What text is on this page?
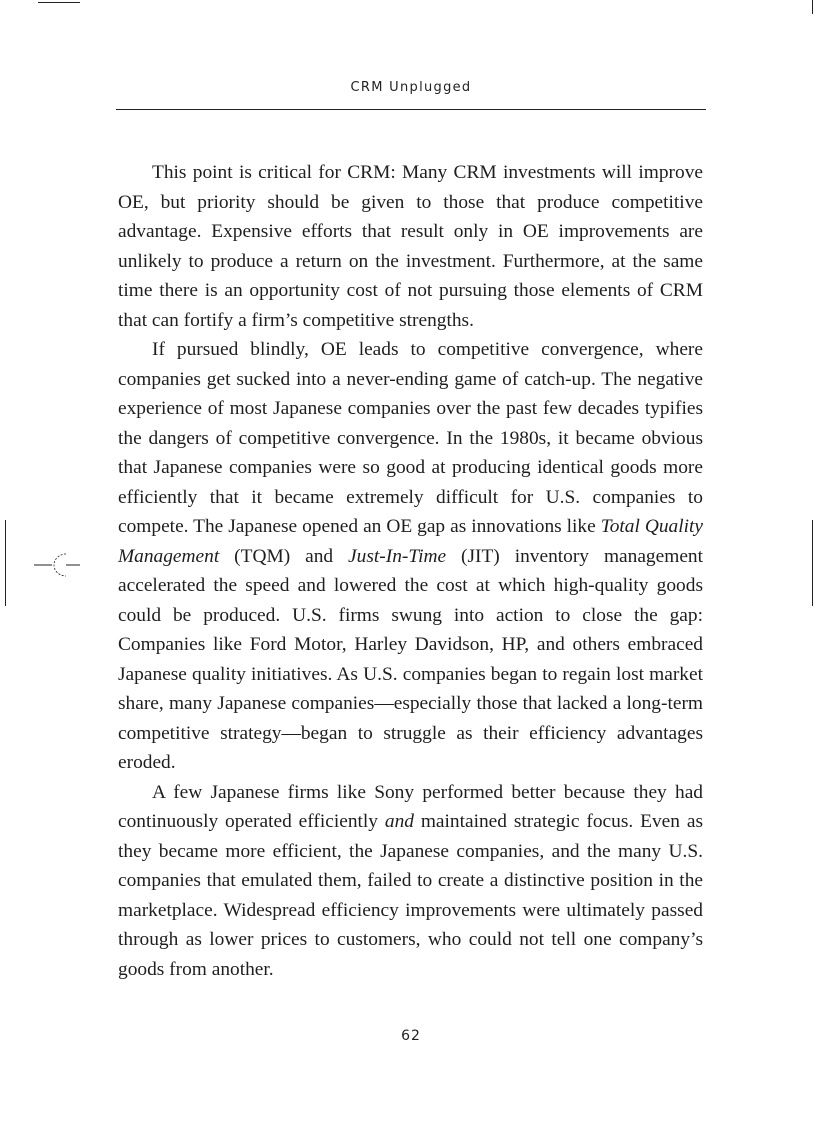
CRM Unplugged

This point is critical for CRM: Many CRM investments will improve OE, but priority should be given to those that produce competitive advantage. Expensive efforts that result only in OE improvements are unlikely to produce a return on the investment. Furthermore, at the same time there is an opportunity cost of not pursuing those elements of CRM that can fortify a firm’s competitive strengths.

If pursued blindly, OE leads to competitive convergence, where companies get sucked into a never-ending game of catch-up. The negative experience of most Japanese companies over the past few decades typifies the dangers of competitive convergence. In the 1980s, it became obvious that Japanese companies were so good at producing identical goods more efficiently that it became extremely difficult for U.S. companies to compete. The Japanese opened an OE gap as innovations like Total Quality Management (TQM) and Just-In-Time (JIT) inventory management accelerated the speed and lowered the cost at which high-quality goods could be produced. U.S. firms swung into action to close the gap: Companies like Ford Motor, Harley Davidson, HP, and others embraced Japanese quality initiatives. As U.S. companies began to regain lost market share, many Japanese companies—especially those that lacked a long-term competitive strategy—began to struggle as their efficiency advantages eroded.

A few Japanese firms like Sony performed better because they had continuously operated efficiently and maintained strategic focus. Even as they became more efficient, the Japanese companies, and the many U.S. companies that emulated them, failed to create a distinctive position in the marketplace. Widespread efficiency improvements were ultimately passed through as lower prices to customers, who could not tell one company’s goods from another.

62
